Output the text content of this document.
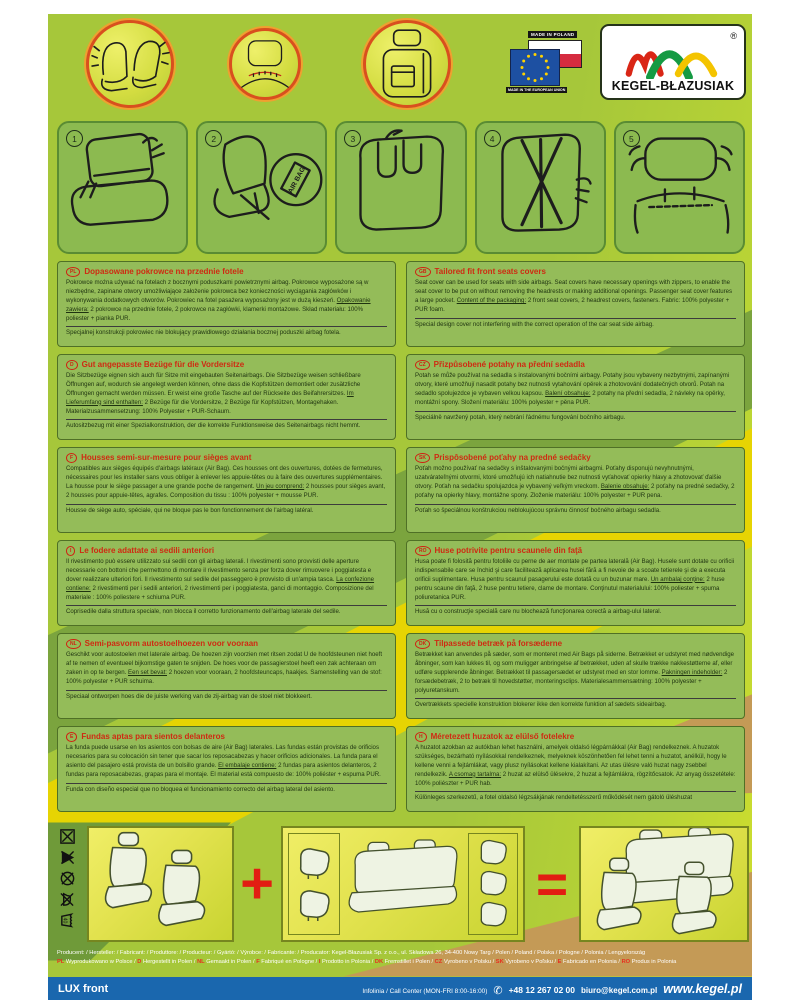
MADE IN POLAND
MADE IN THE EUROPEAN UNION
®
KEGEL-BŁAZUSIAK
1	2
AIR BAG
3	4	5
PL	Dopasowane pokrowce na przednie fotele

Pokrowce można używać na fotelach z bocznymi poduszkami powietrznymi airbag. Pokrowce wyposażone są w niezbędne, zapinane otwory umożliwiające założenie pokrowca bez konieczności wyciągania zagłówków i wykonywania dodatkowych otworów. Pokrowiec na fotel pasażera wyposażony jest w dużą kieszeń. Opakowanie zawiera: 2 pokrowce na przednie fotele, 2 pokrowce na zagłówki, klamerki montażowe. Skład materiału: 100% poliester + pianka PUR.

Specjalnej konstrukcji pokrowiec nie blokujący prawidłowego działania bocznej poduszki airbag fotela.

GB	Tailored fit front seats covers

Seat cover can be used for seats with side airbags. Seat covers have necessary openings with zippers, to enable the seat cover to be put on without removing the headrests or making additional openings. Passenger seat cover features a large pocket. Content of the packaging: 2 front seat covers, 2 headrest covers, fasteners. Fabric: 100% polyester + PUR foam.

Special design cover not interfering with the correct operation of the car seat side airbag.

D	Gut angepasste Bezüge für die Vordersitze

Die Sitzbezüge eignen sich auch für Sitze mit eingebauten Seitenairbags. Die Sitzbezüge weisen schließbare Öffnungen auf, wodurch sie angelegt werden können, ohne dass die Kopfstützen demontiert oder zusätzliche Öffnungen gemacht werden müssen. Er weist eine große Tasche auf der Rückseite des Beifahrersitzes. Im Lieferumfang sind enthalten: 2 Bezüge für die Vordersitze, 2 Bezüge für Kopfstützen, Montagehaken. Materialzusammensetzung: 100% Polyester + PUR-Schaum.

Autositzbezug mit einer Spezialkonstruktion, der die korrekte Funktionsweise des Seitenairbags nicht hemmt.

CZ	Přizpůsobené potahy na přední sedadla

Potah se může používat na sedadla s instalovanými bočními airbagy. Potahy jsou vybaveny nezbytnými, zapínanými otvory, které umožňují nasadit potahy bez nutnosti vytahování opěrek a zhotovování dodatečných otvorů. Potah na sedadlo spolujezdce je vybaven velkou kapsou. Balení obsahuje: 2 potahy na přední sedadla, 2 návleky na opěrky, montážní spony. Složení materiálu: 100% polyester + pěna PUR.

Speciálně navržený potah, který nebrání řádnému fungování bočního airbagu.

F	Housses semi-sur-mesure pour sièges avant

Compatibles aux sièges équipés d'airbags latéraux (Air Bag). Ces housses ont des ouvertures, dotées de fermetures, nécessaires pour les installer sans vous obliger à enlever les appuie-têtes ou à faire des ouvertures supplémentaires. La housse pour le siège passager a une grande poche de rangement. Un jeu comprend: 2 housses pour sièges avant, 2 housses pour appuie-têtes, agrafes. Composition du tissu : 100% polyester + mousse PUR.

Housse de siège auto, spéciale, qui ne bloque pas le bon fonctionnement de l'airbag latéral.

SK	Prispôsobené poťahy na predné sedačky

Poťah možno používať na sedačky s inštalovanými bočnými airbagmi. Poťahy disponujú nevyhnutnými, uzatvárateľnými otvormi, ktoré umožňujú ich natiahnutie bez nutnosti vyťahovať opierky hlavy a zhotovovať ďalšie otvory. Poťah na sedačku spolujazdca je vybavený veľkým vreckom. Balenie obsahuje: 2 poťahy na predné sedačky, 2 poťahy na opierky hlavy, montážne spony. Zloženie materiálu: 100% polyester + PUR pena.

Poťah so špeciálnou konštrukciou neblokujúcou správnu činnosť bočného airbagu sedadla.

I	Le fodere adattate ai sedili anteriori

Il rivestimento può essere utilizzato sui sedili con gli airbag laterali. I rivestimenti sono provvisti delle aperture necessarie con bottoni che permettono di montare il rivestimento senza per forza dover rimuovere i poggiatesta e dover realizzare ulteriori fori. Il rivestimento sul sedile del passeggero è provvisto di un'ampia tasca. La confezione contiene: 2 rivestimenti per i sedili anteriori, 2 rivestimenti per i poggiatesta, ganci di montaggio. Composizione del materiale : 100% poliestere + schiuma PUR.

Coprisedile dalla struttura speciale, non blocca il corretto funzionamento dell'airbag laterale del sedile.

RO	Huse potrivite pentru scaunele din faţă

Husa poate fi folosită pentru fotoliile cu perne de aer montate pe partea laterală (Air Bag). Husele sunt dotate cu orificii indispensabile care se închid şi care facilitează aplicarea husei fără a fi nevoie de a scoate tetierele şi de a executa orificii suplimentare. Husa pentru scaunul pasagerului este dotată cu un buzunar mare. Un ambalaj conţine: 2 huse pentru scaune din faţă, 2 huse pentru tetiere, clame de montare. Conţinutul materialului: 100% poliester + spuma poliuretanica PUR.

Husă cu o construcţie specială care nu blochează funcţionarea corectă a airbag-ului lateral.

NL	Semi-pasvorm autostoelhoezen voor vooraan

Geschikt voor autostoelen met laterale airbag. De hoezen zijn voorzien met ritsen zodat U de hoofdsteunen niet hoeft af te nemen of eventueel bijkomstige gaten te snijden. De hoes voor de passagierstoel heeft een zak achteraan om zaken in op te bergen. Een set bevat: 2 hoezen voor vooraan, 2 hoofdsteuncaps, haakjes. Samenstelling van de stof: 100% polyester + PUR schuima.

Speciaal ontworpen hoes die de juiste werking van de zij-airbag van de stoel niet blokkeert.

DK	Tilpassede betræk på forsæderne

Betrækket kan anvendes på sæder, som er monteret med Air Bags på siderne. Betrækket er udstyret med nødvendige åbninger, som kan lukkes til, og som muliggør anbringelse af betrækket, uden af skulle trække nakkestøtterne af, eller udføre supplerende åbninger. Betrækket til passagersædet er udstyret med en stor lomme. Pakningen indeholder: 2 forsædebetræk, 2 to betræk til hovedstøtter, monteringsclips. Materialesammensætning: 100% polyester + polyuretanskum.

Overtrækkets specielle konstruktion blokerer ikke den korrekte funktion af sædets sideairbag.

E	Fundas aptas para sientos delanteros

La funda puede usarse en los asientos con bolsas de aire (Air Bag) laterales. Las fundas están provistas de orificios necesarios para su colocación sin tener que sacar los reposacabezas y hacer orificios adicionales. La funda para el asiento del pasajero está provista de un bolsillo grande. El embalaje contiene: 2 fundas para asientos delanteros, 2 fundas para reposacabezas, grapas para el montaje. El material está compuesto de: 100% poliéster + espuma PUR.

Funda con diseño especial que no bloquea el funcionamiento correcto del airbag lateral del asiento.

H	Méretezett huzatok az elülső fotelekre

A huzatot azokban az autókban lehet használni, amelyek oldalsó légpárnákkal (Air Bag) rendelkeznek. A huzatok szükséges, bezárható nyílásokkal rendelkeznek, melyeknek köszönhetően fel lehet tenni a huzatot, anélkül, hogy le kellene venni a fejtámlákat, vagy plusz nyílásokat kellene kialakítani. Az utas ülésre való huzat nagy zsebbel rendelkezik. A csomag tartalma: 2 huzat az elülső ülésekre, 2 huzat a fejtámlákra, rögzítőcsatok. Az anyag összetétele: 100% poliészter + PUR hab.

Különleges szerkezetű, a fotel oldalsó légzsákjának rendeltetésszerű működését nem gátoló üléshuzat

40
+	=
Producent: / Hersteller: / Fabricant: / Produttore: / Producteur: / Gyártó: / Výrobce: / Fabricante: / Producator: Kegel-Błazusiak Sp. z o.o., ul. Składowa 26, 34-400 Nowy Targ / Polen / Poland / Polska / Pologne / Polonia / Lengyelország
PL Wyprodukowano w Polsce / D Hergestellt in Polen / NL Gemaakt in Polen / F Fabriqué en Pologne / I Prodotto in Polonia / DK Fremstillet i Polen / CZ Vyrobeno v Polsku / SK Vyrobeno v Poľsku / E Fabricado en Polonia / RO Produs in Polonia
LUX front	Infolinia / Call Center (MON-FRI 8:00-16:00) ✆ +48 12 267 02 00 biuro@kegel.com.pl www.kegel.pl
